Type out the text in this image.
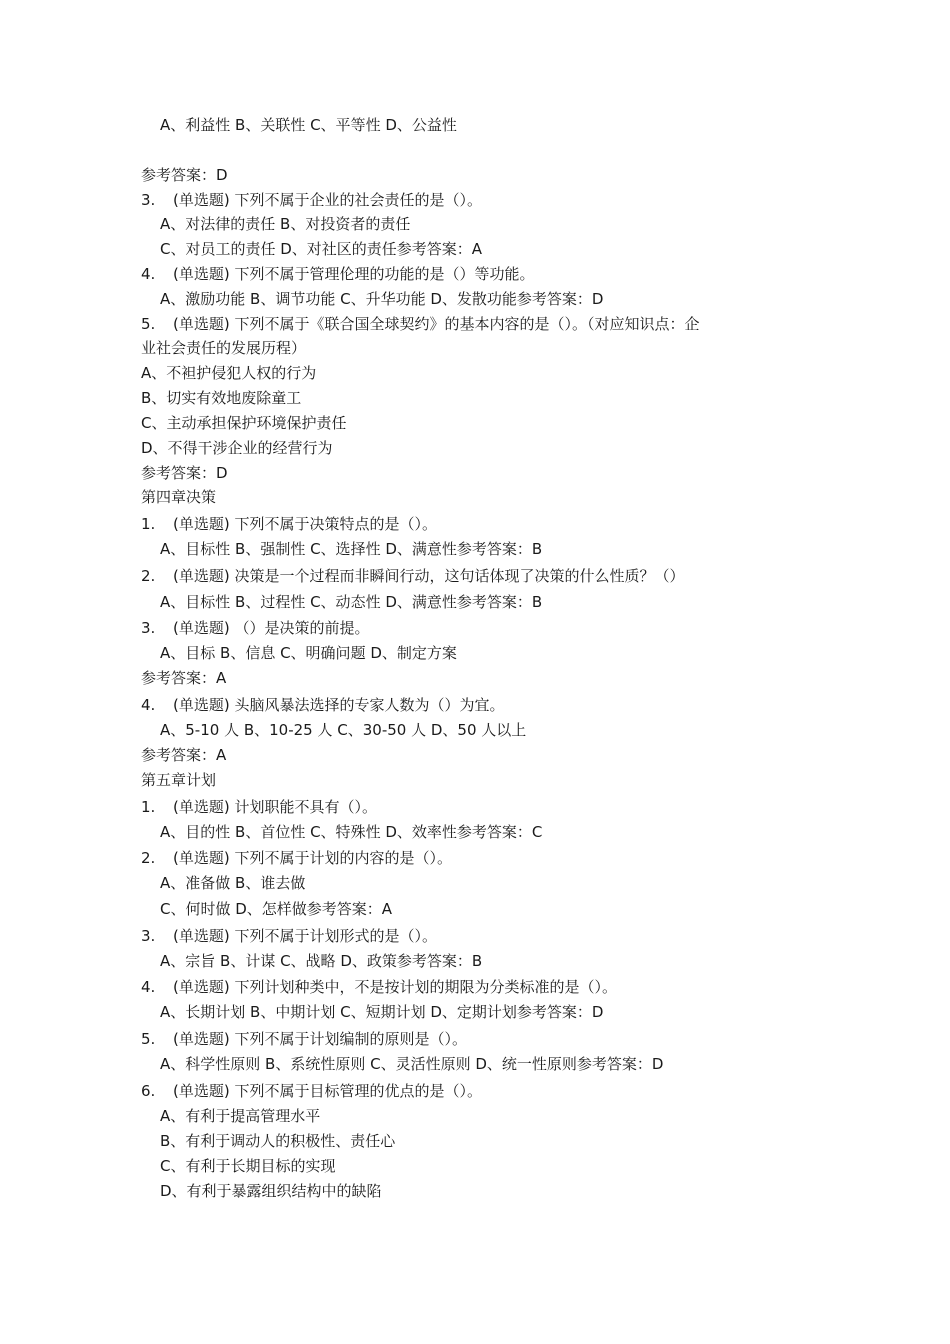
A、利益性 B、关联性 C、平等性 D、公益性
参考答案：D
3. (单选题) 下列不属于企业的社会责任的是（）。
A、对法律的责任 B、对投资者的责任
C、对员工的责任 D、对社区的责任参考答案：A
4. (单选题) 下列不属于管理伦理的功能的是（）等功能。
A、激励功能 B、调节功能 C、升华功能 D、发散功能参考答案：D
5. (单选题) 下列不属于《联合国全球契约》的基本内容的是（）。（对应知识点：企
业社会责任的发展历程）
A、不袒护侵犯人权的行为
B、切实有效地废除童工
C、主动承担保护环境保护责任
D、不得干涉企业的经营行为
参考答案：D
第四章决策
1. (单选题) 下列不属于决策特点的是（）。
A、目标性 B、强制性 C、选择性 D、满意性参考答案：B
2. (单选题) 决策是一个过程而非瞬间行动，这句话体现了决策的什么性质？（）
A、目标性 B、过程性 C、动态性 D、满意性参考答案：B
3. (单选题) （）是决策的前提。
A、目标 B、信息 C、明确问题 D、制定方案
参考答案：A
4. (单选题) 头脑风暴法选择的专家人数为（）为宜。
A、5-10 人 B、10-25 人 C、30-50 人 D、50 人以上
参考答案：A
第五章计划
1. (单选题) 计划职能不具有（）。
A、目的性 B、首位性 C、特殊性 D、效率性参考答案：C
2. (单选题) 下列不属于计划的内容的是（）。
A、准备做 B、谁去做
C、何时做 D、怎样做参考答案：A
3. (单选题) 下列不属于计划形式的是（）。
A、宗旨 B、计谋 C、战略 D、政策参考答案：B
4. (单选题) 下列计划种类中，不是按计划的期限为分类标准的是（）。
A、长期计划 B、中期计划 C、短期计划 D、定期计划参考答案：D
5. (单选题) 下列不属于计划编制的原则是（）。
A、科学性原则 B、系统性原则 C、灵活性原则 D、统一性原则参考答案：D
6. (单选题) 下列不属于目标管理的优点的是（）。
A、有利于提高管理水平
B、有利于调动人的积极性、责任心
C、有利于长期目标的实现
D、有利于暴露组织结构中的缺陷
